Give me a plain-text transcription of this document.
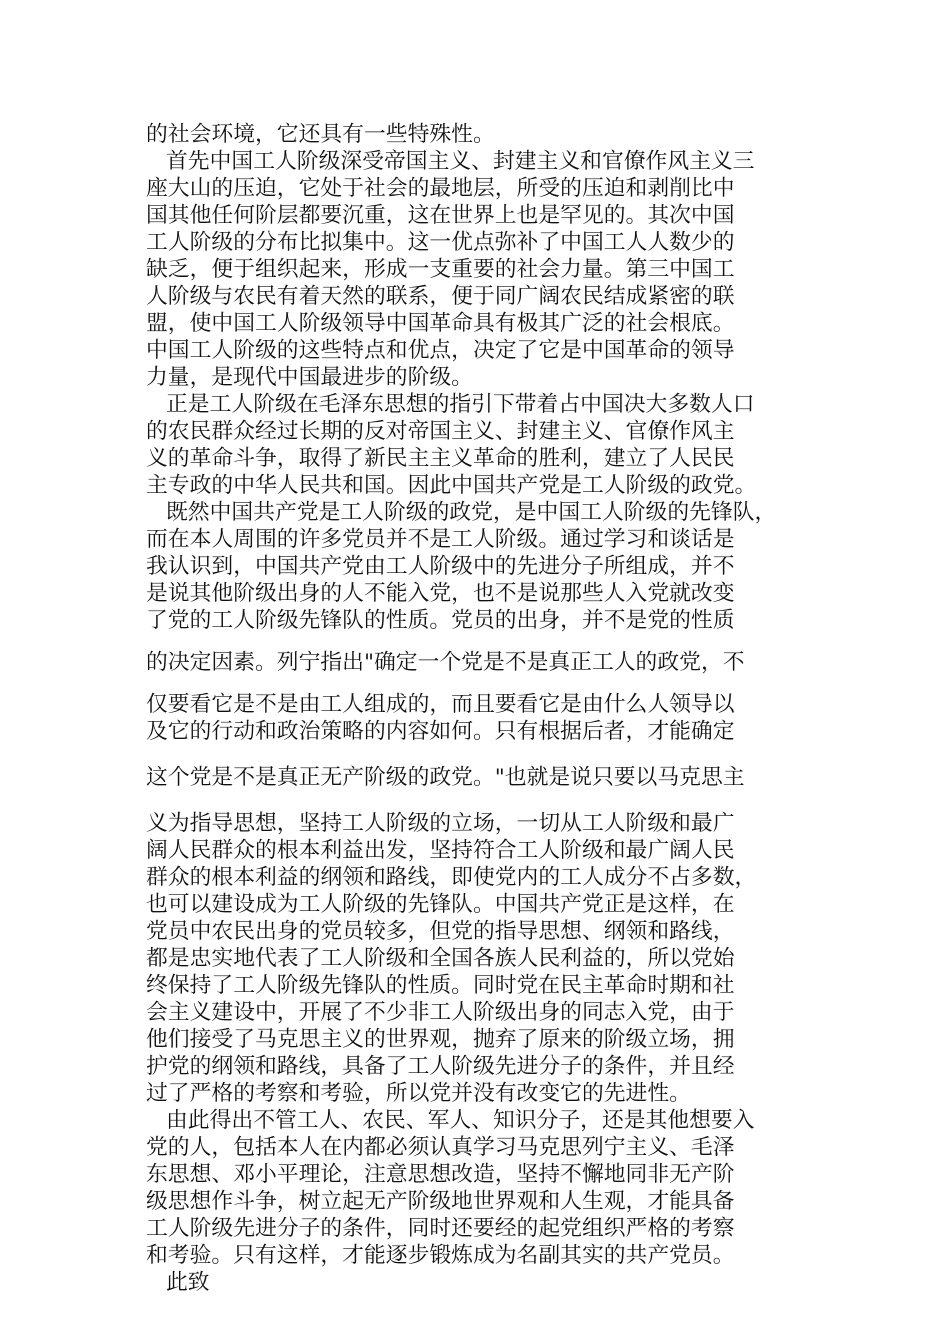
的社会环境，它还具有一些特殊性。
首先中国工人阶级深受帝国主义、封建主义和官僚作风主义三
座大山的压迫，它处于社会的最地层，所受的压迫和剥削比中
国其他任何阶层都要沉重，这在世界上也是罕见的。其次中国
工人阶级的分布比拟集中。这一优点弥补了中国工人人数少的
缺乏，便于组织起来，形成一支重要的社会力量。第三中国工
人阶级与农民有着天然的联系，便于同广阔农民结成紧密的联
盟，使中国工人阶级领导中国革命具有极其广泛的社会根底。
中国工人阶级的这些特点和优点，决定了它是中国革命的领导
力量，是现代中国最进步的阶级。
正是工人阶级在毛泽东思想的指引下带着占中国决大多数人口
的农民群众经过长期的反对帝国主义、封建主义、官僚作风主
义的革命斗争，取得了新民主主义革命的胜利，建立了人民民
主专政的中华人民共和国。因此中国共产党是工人阶级的政党。
既然中国共产党是工人阶级的政党，是中国工人阶级的先锋队，
而在本人周围的许多党员并不是工人阶级。通过学习和谈话是
我认识到，中国共产党由工人阶级中的先进分子所组成，并不
是说其他阶级出身的人不能入党，也不是说那些人入党就改变
了党的工人阶级先锋队的性质。党员的出身，并不是党的性质
的决定因素。列宁指出"确定一个党是不是真正工人的政党，不
仅要看它是不是由工人组成的，而且要看它是由什么人领导以
及它的行动和政治策略的内容如何。只有根据后者，才能确定
这个党是不是真正无产阶级的政党。"也就是说只要以马克思主
义为指导思想，坚持工人阶级的立场，一切从工人阶级和最广
阔人民群众的根本利益出发，坚持符合工人阶级和最广阔人民
群众的根本利益的纲领和路线，即使党内的工人成分不占多数，
也可以建设成为工人阶级的先锋队。中国共产党正是这样，在
党员中农民出身的党员较多，但党的指导思想、纲领和路线，
都是忠实地代表了工人阶级和全国各族人民利益的，所以党始
终保持了工人阶级先锋队的性质。同时党在民主革命时期和社
会主义建设中，开展了不少非工人阶级出身的同志入党，由于
他们接受了马克思主义的世界观，抛弃了原来的阶级立场，拥
护党的纲领和路线，具备了工人阶级先进分子的条件，并且经
过了严格的考察和考验，所以党并没有改变它的先进性。
由此得出不管工人、农民、军人、知识分子，还是其他想要入
党的人，包括本人在内都必须认真学习马克思列宁主义、毛泽
东思想、邓小平理论，注意思想改造，坚持不懈地同非无产阶
级思想作斗争，树立起无产阶级地世界观和人生观，才能具备
工人阶级先进分子的条件，同时还要经的起党组织严格的考察
和考验。只有这样，才能逐步锻炼成为名副其实的共产党员。
此致
